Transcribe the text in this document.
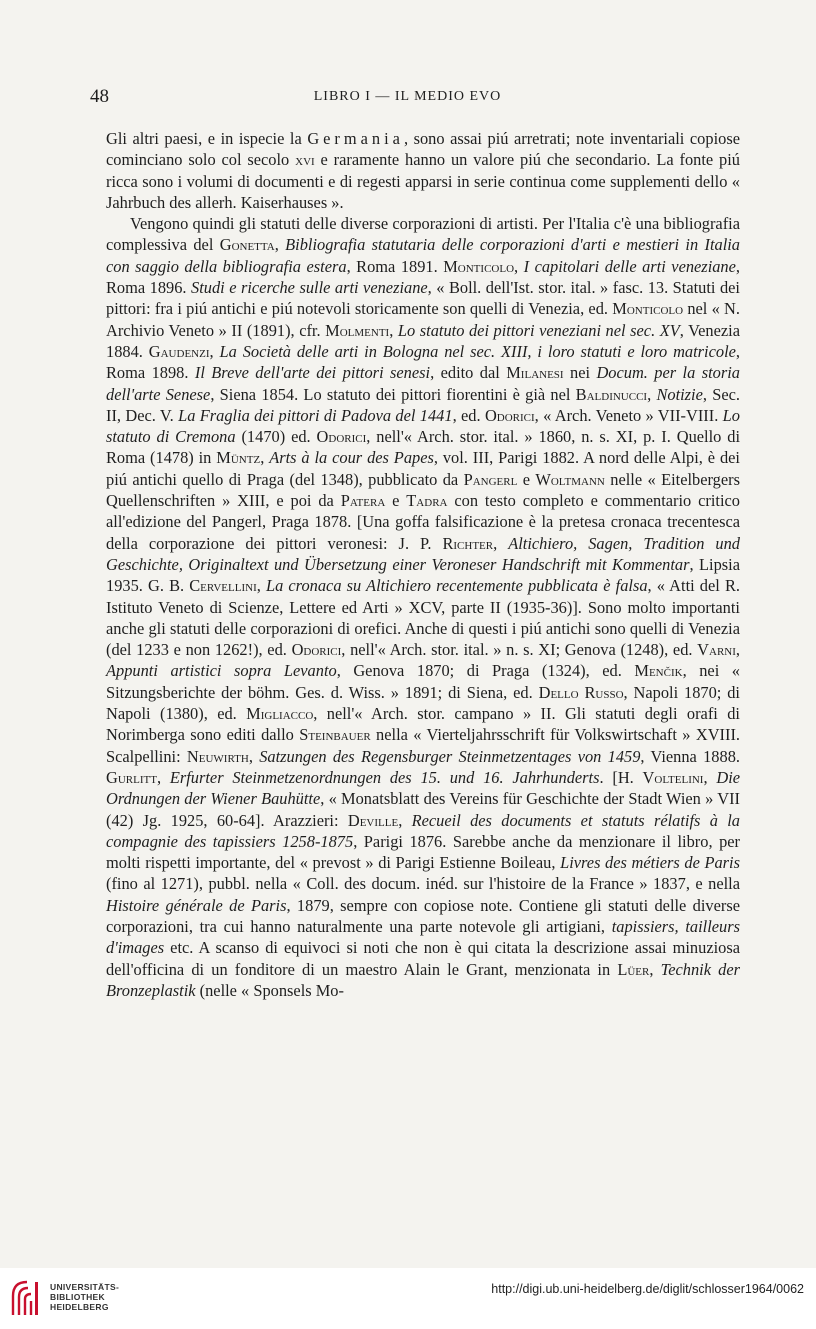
48	LIBRO I — IL MEDIO EVO

Gli altri paesi, e in ispecie la Germania, sono assai piú arretrati; note inventariali copiose cominciano solo col secolo xvi e raramente hanno un valore piú che secondario. La fonte piú ricca sono i volumi di documenti e di regesti apparsi in serie continua come supplementi dello « Jahrbuch des allerh. Kaiserhauses ».

Vengono quindi gli statuti delle diverse corporazioni di artisti. Per l'Italia c'è una bibliografia complessiva del Gonetta, Bibliografia statutaria delle corporazioni d'arti e mestieri in Italia con saggio della bibliografia estera, Roma 1891. Monticolo, I capitolari delle arti veneziane, Roma 1896. Studi e ricerche sulle arti veneziane, « Boll. dell'Ist. stor. ital. » fasc. 13. Statuti dei pittori: fra i piú antichi e piú notevoli storicamente son quelli di Venezia, ed. Monticolo nel « N. Archivio Veneto » II (1891), cfr. Molmenti, Lo statuto dei pittori veneziani nel sec. XV, Venezia 1884. Gaudenzi, La Società delle arti in Bologna nel sec. XIII, i loro statuti e loro matricole, Roma 1898. Il Breve dell'arte dei pittori senesi, edito dal Milanesi nei Docum. per la storia dell'arte Senese, Siena 1854. Lo statuto dei pittori fiorentini è già nel Baldinucci, Notizie, Sec. II, Dec. V. La Fraglia dei pittori di Padova del 1441, ed. Odorici, « Arch. Veneto » VII-VIII. Lo statuto di Cremona (1470) ed. Odorici, nell'« Arch. stor. ital. » 1860, n. s. XI, p. I. Quello di Roma (1478) in Müntz, Arts à la cour des Papes, vol. III, Parigi 1882. A nord delle Alpi, è dei piú antichi quello di Praga (del 1348), pubblicato da Pangerl e Woltmann nelle « Eitelbergers Quellenschriften » XIII, e poi da Patera e Tadra con testo completo e commentario critico all'edizione del Pangerl, Praga 1878. [Una goffa falsificazione è la pretesa cronaca trecentesca della corporazione dei pittori veronesi: J. P. Richter, Altichiero, Sagen, Tradition und Geschichte, Originaltext und Übersetzung einer Veroneser Handschrift mit Kommentar, Lipsia 1935. G. B. Cervellini, La cronaca su Altichiero recentemente pubblicata è falsa, « Atti del R. Istituto Veneto di Scienze, Lettere ed Arti » XCV, parte II (1935-36)]. Sono molto importanti anche gli statuti delle corporazioni di orefici. Anche di questi i piú antichi sono quelli di Venezia (del 1233 e non 1262!), ed. Odorici, nell'« Arch. stor. ital. » n. s. XI; Genova (1248), ed. Varni, Appunti artistici sopra Levanto, Genova 1870; di Praga (1324), ed. Menčik, nei « Sitzungsberichte der böhm. Ges. d. Wiss. » 1891; di Siena, ed. Dello Russo, Napoli 1870; di Napoli (1380), ed. Migliacco, nell'« Arch. stor. campano » II. Gli statuti degli orafi di Norimberga sono editi dallo Steinbauer nella « Vierteljahrsschrift für Volkswirtschaft » XVIII. Scalpellini: Neuwirth, Satzungen des Regensburger Steinmetzentages von 1459, Vienna 1888. Gurlitt, Erfurter Steinmetzenordnungen des 15. und 16. Jahrhunderts. [H. Voltelini, Die Ordnungen der Wiener Bauhütte, « Monatsblatt des Vereins für Geschichte der Stadt Wien » VII (42) Jg. 1925, 60-64]. Arazzieri: Deville, Recueil des documents et statuts rélatifs à la compagnie des tapissiers 1258-1875, Parigi 1876. Sarebbe anche da menzionare il libro, per molti rispetti importante, del « prevost » di Parigi Estienne Boileau, Livres des métiers de Paris (fino al 1271), pubbl. nella « Coll. des docum. inéd. sur l'histoire de la France » 1837, e nella Histoire générale de Paris, 1879, sempre con copiose note. Contiene gli statuti delle diverse corporazioni, tra cui hanno naturalmente una parte notevole gli artigiani, tapissiers, tailleurs d'images etc. A scanso di equivoci si noti che non è qui citata la descrizione assai minuziosa dell'officina di un fonditore di un maestro Alain le Grant, menzionata in Lüer, Technik der Bronzeplastik (nelle « Sponsels Mo-

UNIVERSITÄTS-
BIBLIOTHEK
HEIDELBERG
http://digi.ub.uni-heidelberg.de/diglit/schlosser1964/0062
